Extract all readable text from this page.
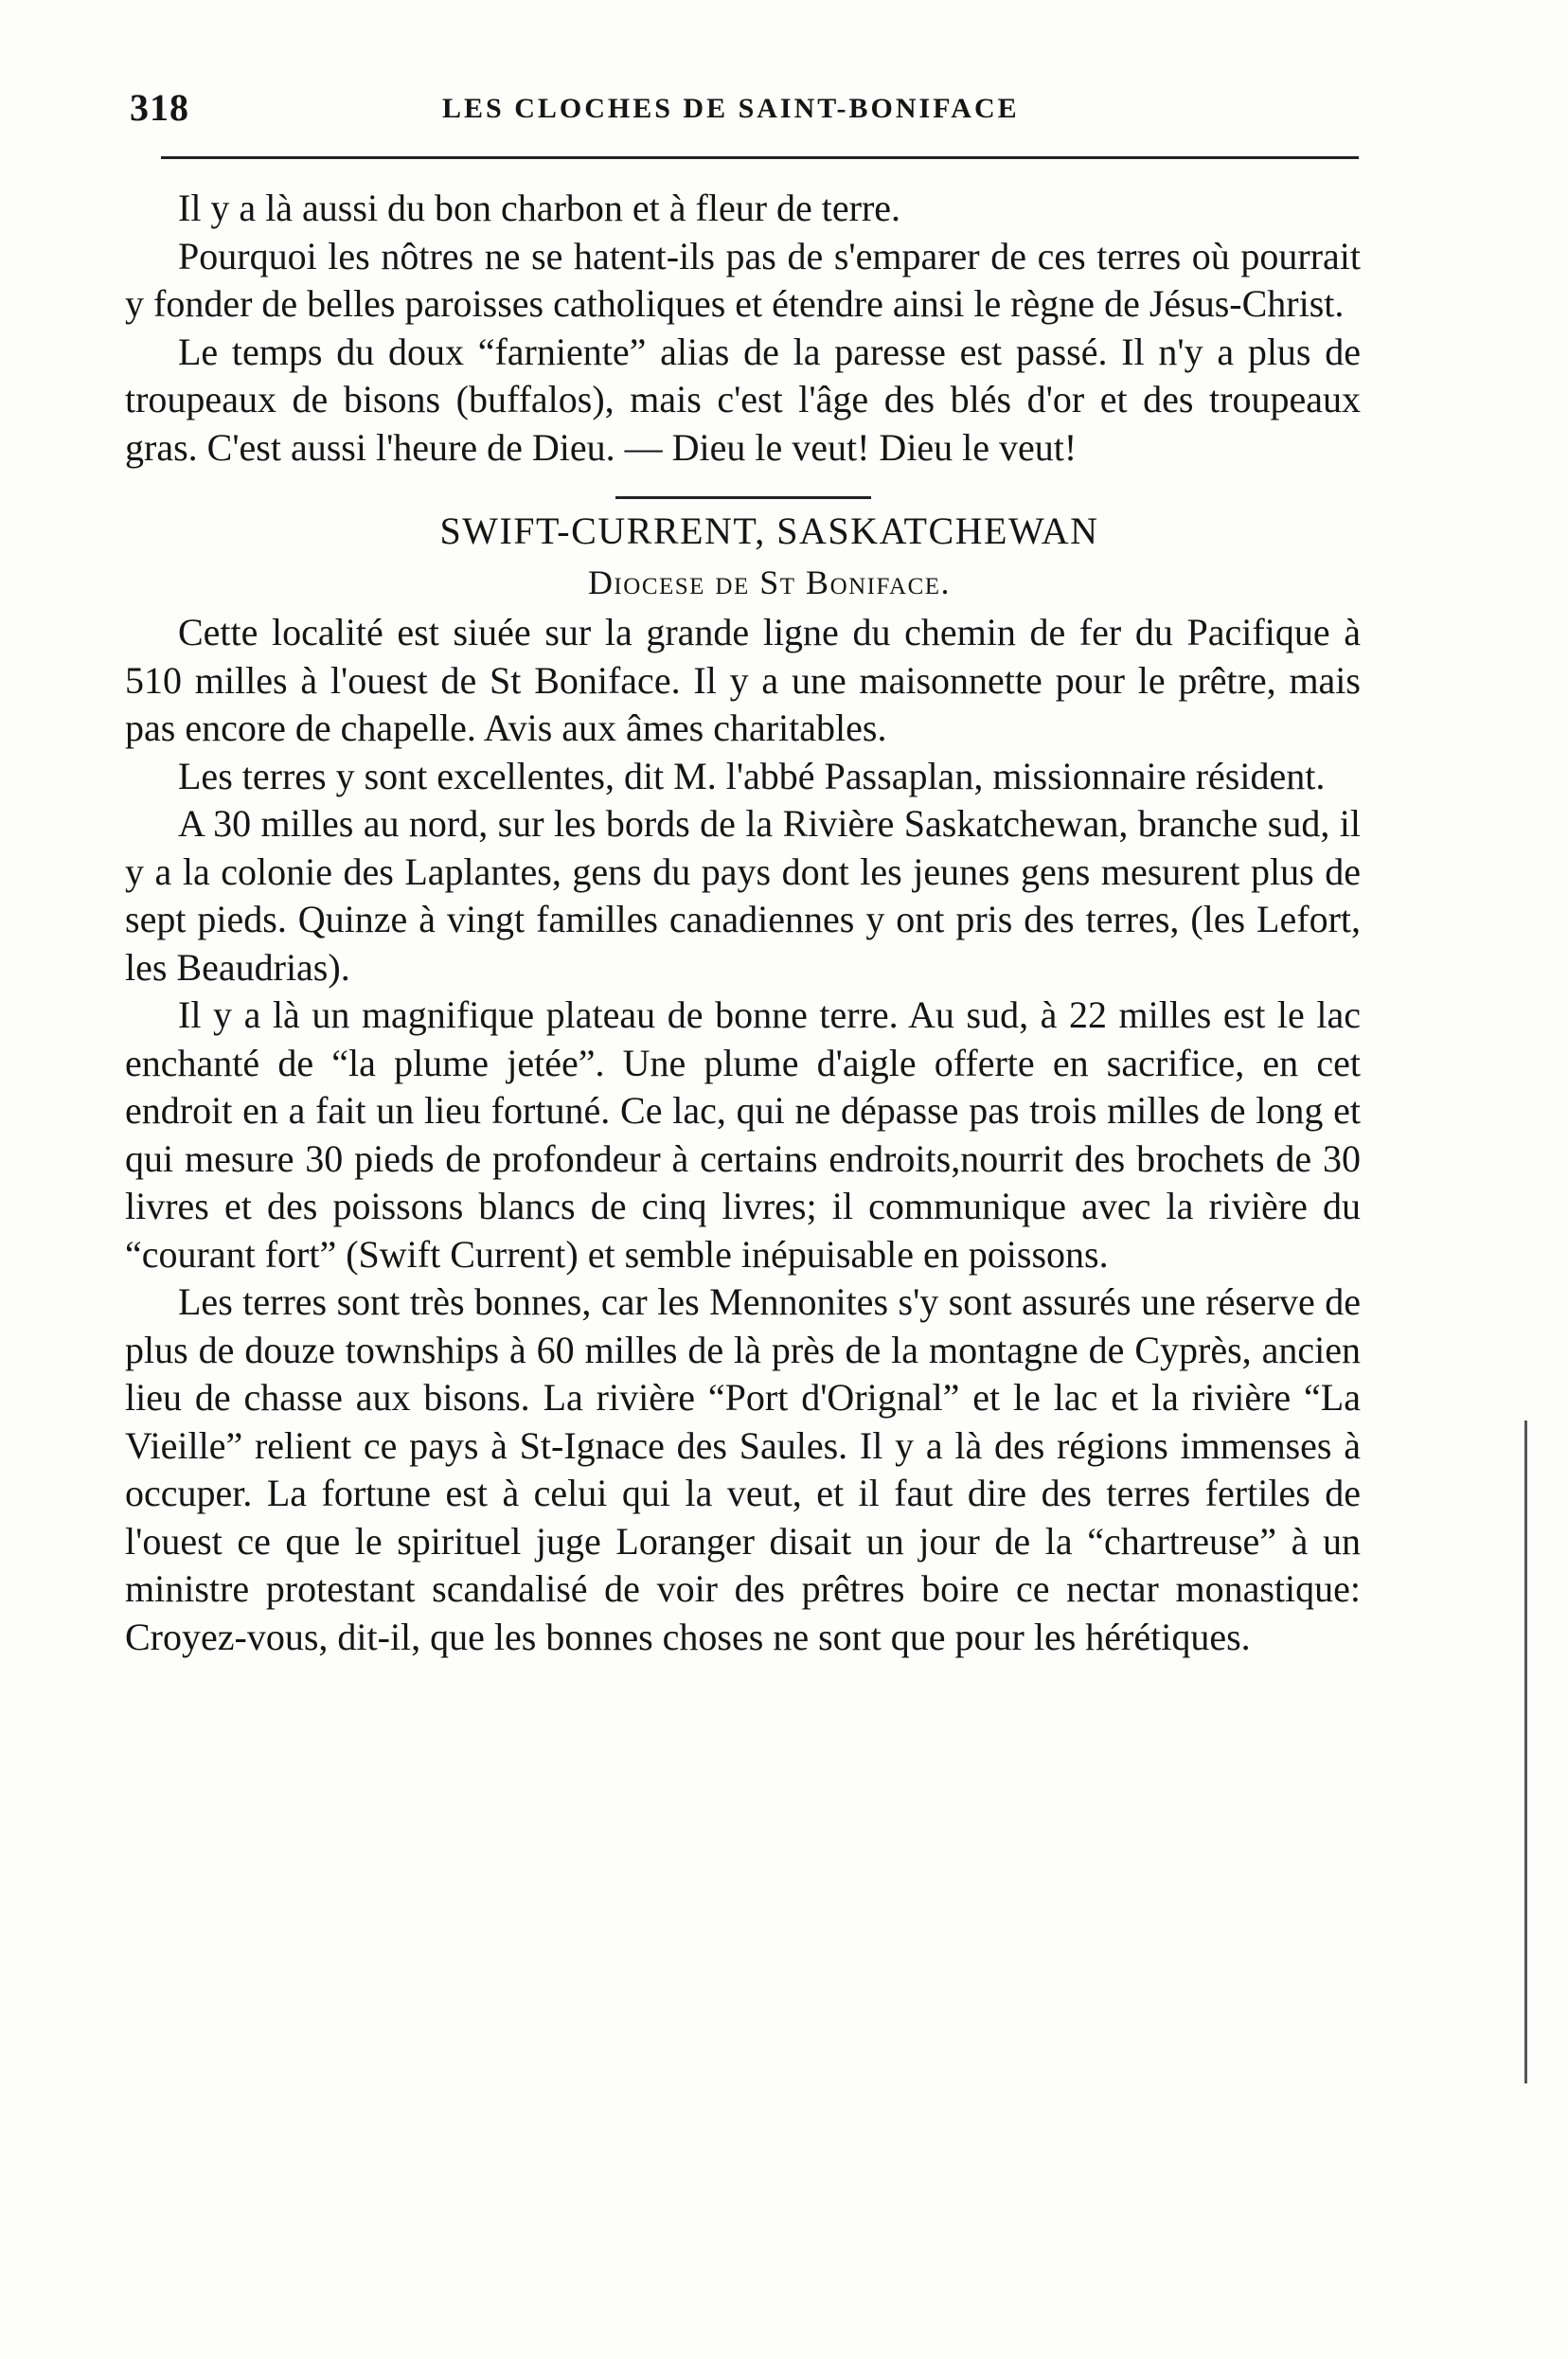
318	LES CLOCHES DE SAINT-BONIFACE

Il y a là aussi du bon charbon et à fleur de terre.

Pourquoi les nôtres ne se hatent-ils pas de s'emparer de ces terres où pourrait y fonder de belles paroisses catholiques et étendre ainsi le règne de Jésus-Christ.

Le temps du doux “farniente” alias de la paresse est passé. Il n'y a plus de troupeaux de bisons (buffalos), mais c'est l'âge des blés d'or et des troupeaux gras. C'est aussi l'heure de Dieu. — Dieu le veut! Dieu le veut!

SWIFT-CURRENT, SASKATCHEWAN

Diocese de St Boniface.

Cette localité est siuée sur la grande ligne du chemin de fer du Pacifique à 510 milles à l'ouest de St Boniface. Il y a une maisonnette pour le prêtre, mais pas encore de chapelle. Avis aux âmes charitables.

Les terres y sont excellentes, dit M. l'abbé Passaplan, missionnaire résident.

A 30 milles au nord, sur les bords de la Rivière Saskatchewan, branche sud, il y a la colonie des Laplantes, gens du pays dont les jeunes gens mesurent plus de sept pieds. Quinze à vingt familles canadiennes y ont pris des terres, (les Lefort, les Beaudrias).

Il y a là un magnifique plateau de bonne terre. Au sud, à 22 milles est le lac enchanté de “la plume jetée”. Une plume d'aigle offerte en sacrifice, en cet endroit en a fait un lieu fortuné. Ce lac, qui ne dépasse pas trois milles de long et qui mesure 30 pieds de profondeur à certains endroits,nourrit des brochets de 30 livres et des poissons blancs de cinq livres; il communique avec la rivière du “courant fort” (Swift Current) et semble inépuisable en poissons.

Les terres sont très bonnes, car les Mennonites s'y sont assurés une réserve de plus de douze townships à 60 milles de là près de la montagne de Cyprès, ancien lieu de chasse aux bisons. La rivière “Port d'Orignal” et le lac et la rivière “La Vieille” relient ce pays à St-Ignace des Saules. Il y a là des régions immenses à occuper. La fortune est à celui qui la veut, et il faut dire des terres fertiles de l'ouest ce que le spirituel juge Loranger disait un jour de la “chartreuse” à un ministre protestant scandalisé de voir des prêtres boire ce nectar monastique: Croyez-vous, dit-il, que les bonnes choses ne sont que pour les hérétiques.
